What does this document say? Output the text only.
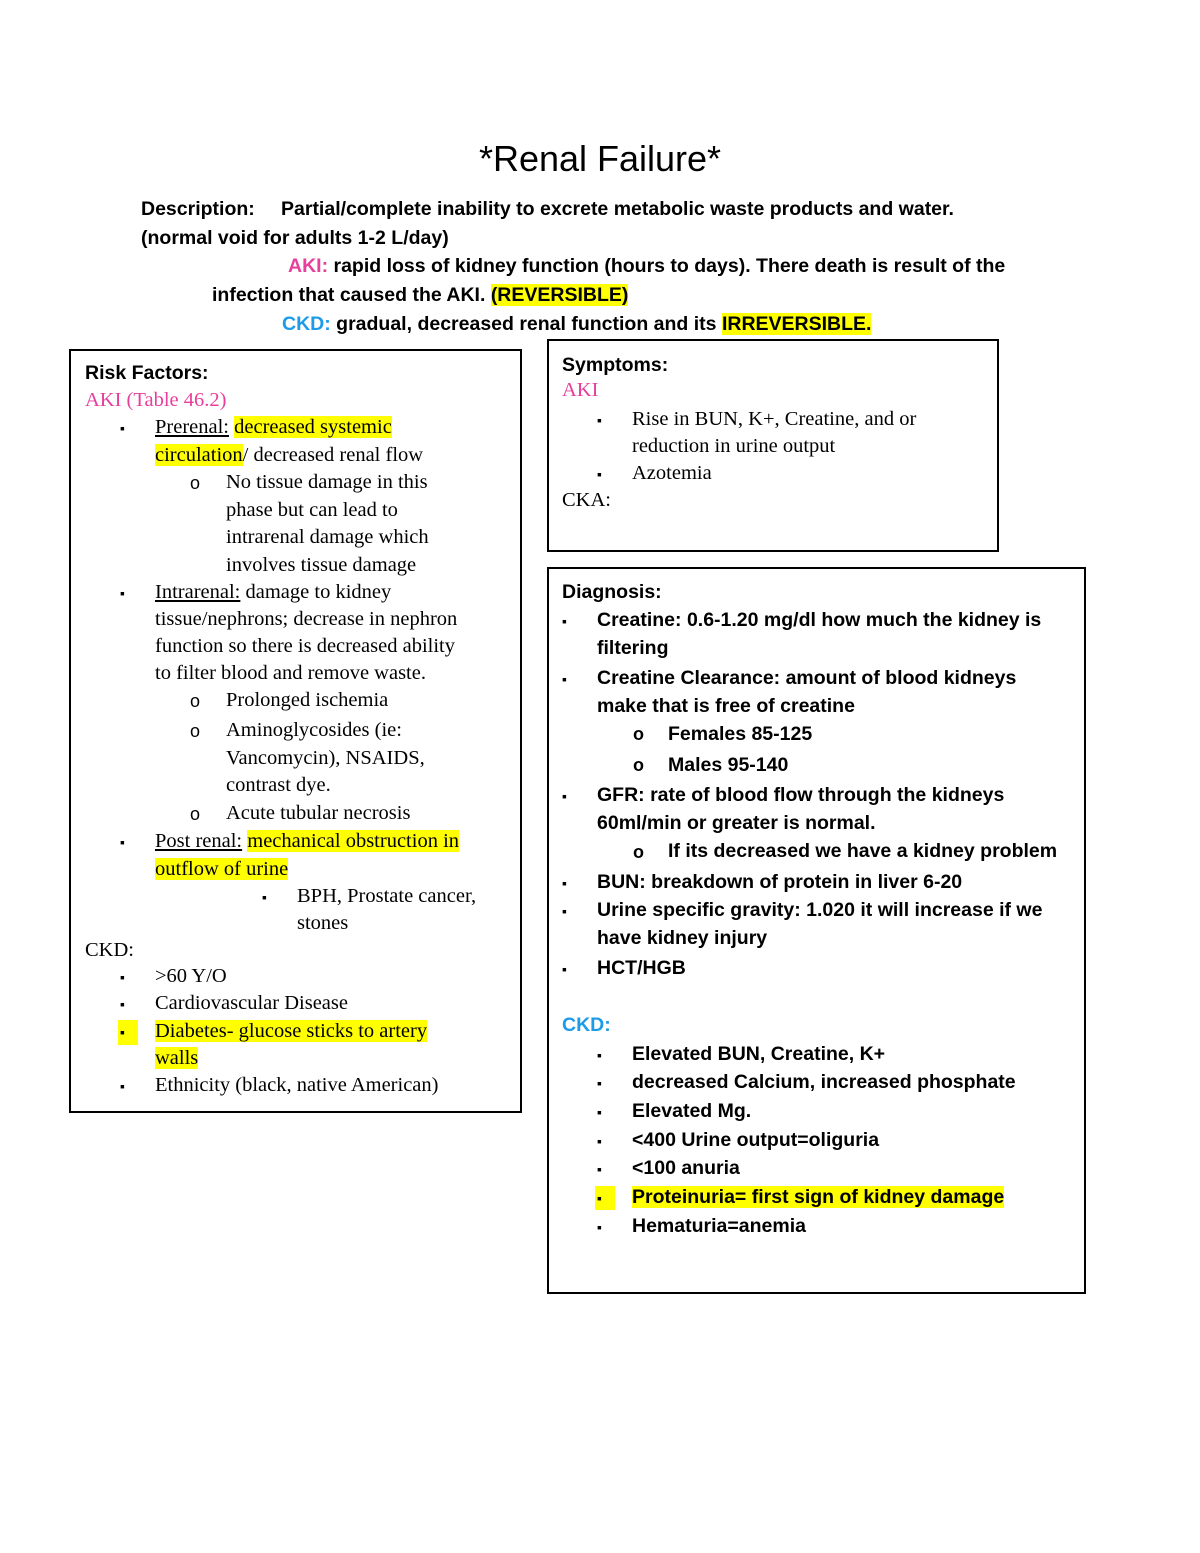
*Renal Failure*
Description: Partial/complete inability to excrete metabolic waste products and water.
(normal void for adults 1-2 L/day)
AKI: rapid loss of kidney function (hours to days). There death is result of the
infection that caused the AKI. (REVERSIBLE)
CKD: gradual, decreased renal function and its IRREVERSIBLE.
Risk Factors:
AKI (Table 46.2)
▪ Prerenal: decreased systemic
circulation/ decreased renal flow
o No tissue damage in this
phase but can lead to
intrarenal damage which
involves tissue damage
▪ Intrarenal: damage to kidney
tissue/nephrons; decrease in nephron
function so there is decreased ability
to filter blood and remove waste.
o Prolonged ischemia
o Aminoglycosides (ie:
Vancomycin), NSAIDS,
contrast dye.
o Acute tubular necrosis
▪ Post renal: mechanical obstruction in
outflow of urine
▪ BPH, Prostate cancer,
stones
CKD:
▪ >60 Y/O
▪ Cardiovascular Disease
▪ Diabetes- glucose sticks to artery
walls
▪ Ethnicity (black, native American)
Symptoms:
AKI
▪ Rise in BUN, K+, Creatine, and or
reduction in urine output
▪ Azotemia
CKA:
Diagnosis:
▪ Creatine: 0.6-1.20 mg/dl how much the kidney is
filtering
▪ Creatine Clearance: amount of blood kidneys
make that is free of creatine
o Females 85-125
o Males 95-140
▪ GFR: rate of blood flow through the kidneys
60ml/min or greater is normal.
o If its decreased we have a kidney problem
▪ BUN: breakdown of protein in liver 6-20
▪ Urine specific gravity: 1.020 it will increase if we
have kidney injury
▪ HCT/HGB
CKD:
▪ Elevated BUN, Creatine, K+
▪ decreased Calcium, increased phosphate
▪ Elevated Mg.
▪ <400 Urine output=oliguria
▪ <100 anuria
▪ Proteinuria= first sign of kidney damage
▪ Hematuria=anemia
